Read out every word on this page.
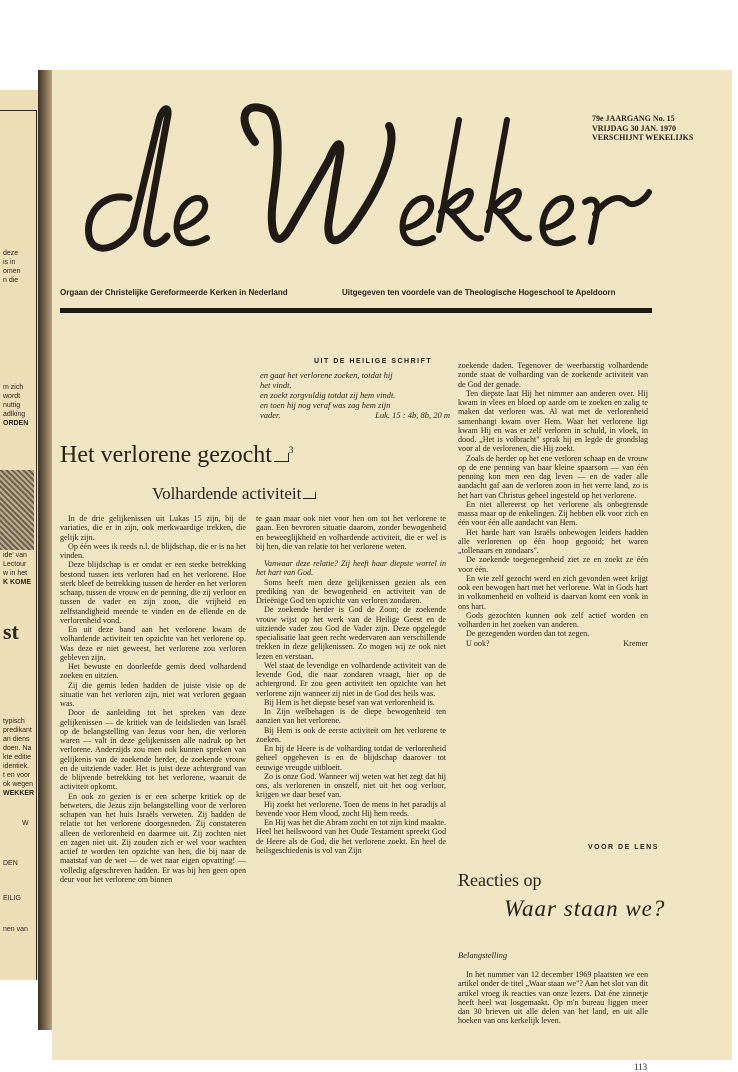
deze
is in
omen
n die
m zich
wordt
nuttig
adlking
ORDEN
ide' van
Lectour
w in het
K KOME
st
typisch
predikant
an diens
doen. Na
kte editie
identiek.
t en voor
ok wegen
WEKKER
W
DEN
EILIG
nen van
79e JAARGANG No. 15
VRIJDAG 30 JAN. 1970
VERSCHIJNT WEKELIJKS
Orgaan der Christelijke Gereformeerde Kerken in Nederland	Uitgegeven ten voordele van de Theologische Hogeschool te Apeldoorn
UIT DE HEILIGE SCHRIFT
en gaat het verlorene zoeken, totdat hij
het vindt.
en zoekt zorgvuldig totdat zij hem vindt.
en toen hij nog veraf was zag hem zijn
vader.	Luk. 15 : 4b, 8b, 20 m
Het verlorene gezocht $^3$
Volhardende activiteit

In de drie gelijkenissen uit Lukas 15 zijn, bij de variaties, die er in zijn, ook merkwaardige trekken, die gelijk zijn.

Op één wees ik reeds n.l. de blijdschap, die er is na het vinden.

Deze blijdschap is er omdat er een sterke betrekking bestond tussen iets verloren had en het verlorene. Hoe sterk bleef de betrekking tussen de herder en het verloren schaap, tussen de vrouw en de penning, die zij verloor en tussen de vader en zijn zoon, die vrijheid en zelfstandigheid meende te vinden en de ellende en de verlorenheid vond.

En uit deze band aan het verlorene kwam de volhardende activiteit ten opzichte van het verlorene op. Was deze er niet geweest, het verlorene zou verloren gebleven zijn.

Het bewuste en doorleefde gemis deed volhardend zoeken en uitzien.

Zij die gemis leden hadden de juiste visie op de situatie van het verloren zijn, niet wat verloren gegaan was.

Door de aanleiding tot het spreken van deze gelijkenissen — de kritiek van de leidslieden van Israël op de belangstelling van Jezus voor hen, die verloren waren — valt in deze gelijkenissen alle nadruk op het verlorene. Anderzijds zou men ook kunnen spreken van gelijkenis van de zoekende herder, de zoekende vrouw en de uitziende vader. Het is juist deze achtergrond van de blijvende betrekking tot het verlorene, waaruit de activiteit opkomt.

En ook zo gezien is er een scherpe kritiek op de betweters, die Jezus zijn belangstelling voor de verloren schapen van het huis Israëls verweten. Zij hadden de relatie tot het verlorene doorgesneden. Zij constateren alleen de verlorenheid en daarmee uit. Zij zochten niet en zagen niet uit. Zij zouden zich er wel voor wachten actief te worden ten opzichte van hen, die bij naar de maatstaf van de wet — de wet naar eigen opvatting! — volledig afgeschreven hadden. Er was bij hen geen open deur voor het verlorene om binnen

te gaan maar ook niet voor hen om tot het verlorene te gaan. Een bevroren situatie daarom, zonder bewogenheid en beweeglijkheid en volhardende activiteit, die er wel is bij hen, die van relatie tot het verlorene weten.

Vanwaar deze relatie? Zij heeft haar diepste wortel in het hart van God.

Soms heeft men deze gelijkenissen gezien als een prediking van de bewogenheid en activiteit van de Drieënige God ten opzichte van verloren zondaren.

De zoekende herder is God de Zoon; de zoekende vrouw wijst op het werk van de Heilige Geest en de uitziende vader zou God de Vader zijn. Deze opgelegde specialisatie laat geen recht wedervaren aan verschillende trekken in deze gelijkenissen. Zo mogen wij ze ook niet lezen en verstaan.

Wel staat de levendige en volhardende activiteit van de levende God, die naar zondaren vraagt, hier op de achtergrond. Er zou geen activiteit ten opzichte van het verlorene zijn wanneer zij niet in de God des heils was.

Bij Hem is het diepste besef van wat verlorenheid is.

In Zijn welbehagen is de diepe bewogenheid ten aanzien van het verlorene.

Bij Hem is ook de eerste activiteit om het verlorene te zoeken.

En bij de Heere is de volharding totdat de verlorenheid geheel opgeheven is en de blijdschap daarover tot eeuwige vreugde uitbloeit.

Zo is onze God. Wanneer wij weten wat het zegt dat hij ons, als verlorenen in onszelf, niet uit het oog verloor, krijgen we daar besef van.

Hij zoekt het verlorene. Toen de mens in het paradijs al bevende voor Hem vlood, zocht Hij hem reeds.

En Hij was het die Abram zocht en tot zijn kind maakte. Heel het heilswoord van het Oude Testament spreekt God de Heere als de God, die het verlorene zoekt. En heel de heilsgeschiedenis is vol van Zijn

zoekende daden. Tegenover de weerbarstig volhardende zonde staat de volharding van de zoekende activiteit van de God der genade.

Ten diepste laat Hij het nimmer aan anderen over. Hij kwam in vlees en bloed op aarde om te zoeken en zalig te maken dat verloren was. Al wat met de verlorenheid samenhangt kwam over Hem. Waar het verlorene ligt kwam Hij en was er zelf verloren in schuld, in vloek, in dood. „Het is volbracht" sprak hij en legde de grondslag voor al de verlorenen, die Hij zoekt.

Zoals de herder op het ene verloren schaap en de vrouw op de ene penning van haar kleine spaarsom — van één penning kon men een dag leven — en de vader alle aandacht gaf aan de verloren zoon in het verre land, zo is het hart van Christus geheel ingesteld op het verlorene.

En niet allereerst op het verlorene als onbegrensde massa maar op de enkelingen. Zij hebben elk voor zich en één voor één alle aandacht van Hem.

Het harde hart van Israëls onbewogen leiders hadden alle verlorenen op één hoop gegooid; het waren „tollenaars en zondaars".

De zoekende toegenegenheid ziet ze en zoekt ze één voor één.

En wie zelf gezocht werd en zich gevonden weet krijgt ook een bewogen hart met het verlorene. Wat in Gods hart in volkomenheid en volheid is daarvan komt een vonk in ons hart.

Gods gezochten kunnen ook zelf actief worden en volharden in het zoeken van anderen.

De gezegenden worden dan tot zegen.

U ook?	Kremer
VOOR DE LENS
Reacties op
Waar staan we?
Belangstelling

In het nummer van 12 december 1969 plaatsten we een artikel onder de titel „Waar staan we"? Aan het slot van dit artikel vroeg ik reacties van onze lezers. Dat éne zinnetje heeft heel wat losgemaakt. Op m'n bureau liggen meer dan 30 brieven uit alle delen van het land, en uit alle hoeken van ons kerkelijk leven.

113
